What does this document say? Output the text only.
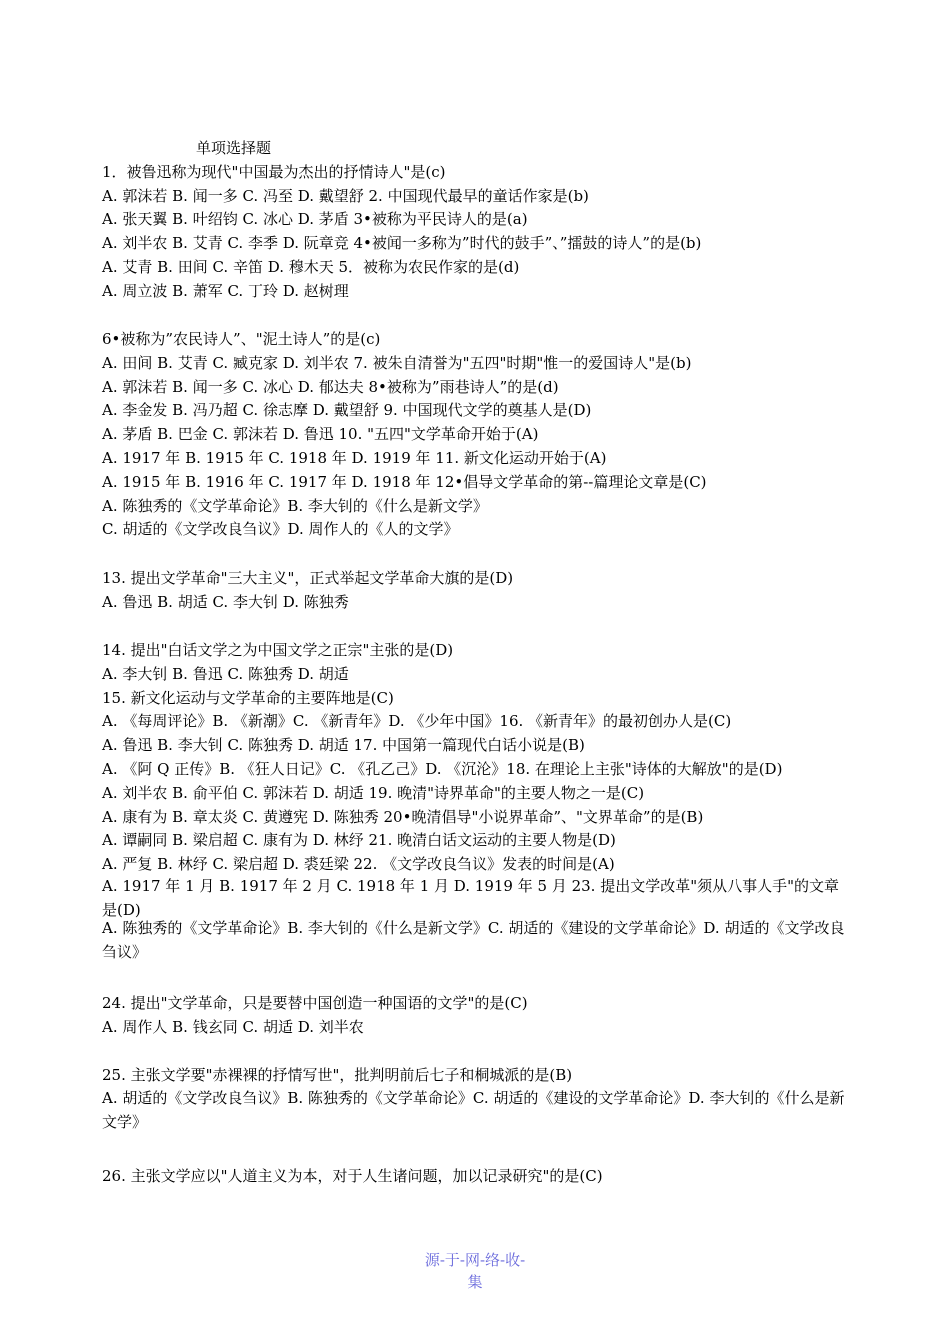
单项选择题
1．被鲁迅称为现代"中国最为杰出的抒情诗人"是(c)
A. 郭沫若 B. 闻一多 C. 冯至 D. 戴望舒 2. 中国现代最早的童话作家是(b)
A. 张天翼 B. 叶绍钧 C. 冰心 D. 茅盾 3•被称为平民诗人的是(a)
A. 刘半农 B. 艾青 C. 李季 D. 阮章竞 4•被闻一多称为”时代的鼓手”、”擂鼓的诗人”的是(b)
A. 艾青 B. 田间 C. 辛笛 D. 穆木天 5．被称为农民作家的是(d)
A. 周立波 B. 萧军 C. 丁玲 D. 赵树理
6•被称为”农民诗人”、"泥土诗人”的是(c)
A. 田间 B. 艾青 C. 臧克家 D. 刘半农 7. 被朱自清誉为"五四"时期"惟一的爱国诗人"是(b)
A. 郭沫若 B. 闻一多 C. 冰心 D. 郁达夫 8•被称为”雨巷诗人”的是(d)
A. 李金发 B. 冯乃超 C. 徐志摩 D. 戴望舒 9. 中国现代文学的奠基人是(D)
A. 茅盾 B. 巴金 C. 郭沫若 D. 鲁迅 10. "五四"文学革命开始于(A)
A. 1917 年 B. 1915 年 C. 1918 年 D. 1919 年 11. 新文化运动开始于(A)
A. 1915 年 B. 1916 年 C. 1917 年 D. 1918 年 12•倡导文学革命的第--篇理论文章是(C)
A. 陈独秀的《文学革命论》B. 李大钊的《什么是新文学》
C. 胡适的《文学改良刍议》D. 周作人的《人的文学》
13. 提出文学革命"三大主义"，正式举起文学革命大旗的是(D)
A. 鲁迅 B. 胡适 C. 李大钊 D. 陈独秀
14. 提出"白话文学之为中国文学之正宗"主张的是(D)
A. 李大钊 B. 鲁迅 C. 陈独秀 D. 胡适
15. 新文化运动与文学革命的主要阵地是(C)
A. 《每周评论》B. 《新潮》C. 《新青年》D. 《少年中国》16. 《新青年》的最初创办人是(C)
A. 鲁迅 B. 李大钊 C. 陈独秀 D. 胡适 17. 中国第一篇现代白话小说是(B)
A. 《阿 Q 正传》B. 《狂人日记》C. 《孔乙己》D. 《沉沦》18. 在理论上主张"诗体的大解放"的是(D)
A. 刘半农 B. 俞平伯 C. 郭沫若 D. 胡适 19. 晚清"诗界革命"的主要人物之一是(C)
A. 康有为 B. 章太炎 C. 黄遵宪 D. 陈独秀 20•晚清倡导"小说界革命”、"文界革命”的是(B)
A. 谭嗣同 B. 梁启超 C. 康有为 D. 林纾 21. 晚清白话文运动的主要人物是(D)
A. 严复 B. 林纾 C. 梁启超 D. 裘廷梁 22. 《文学改良刍议》发表的时间是(A)
A. 1917 年 1 月 B. 1917 年 2 月 C. 1918 年 1 月 D. 1919 年 5 月 23. 提出文学改革"须从八事人手"的文章是(D)
A. 陈独秀的《文学革命论》B. 李大钊的《什么是新文学》C. 胡适的《建设的文学革命论》D. 胡适的《文学改良刍议》
24. 提出"文学革命，只是要替中国创造一种国语的文学"的是(C)
A. 周作人 B. 钱玄同 C. 胡适 D. 刘半农
25. 主张文学要"赤裸裸的抒情写世"，批判明前后七子和桐城派的是(B)
A. 胡适的《文学改良刍议》B. 陈独秀的《文学革命论》C. 胡适的《建设的文学革命论》D. 李大钊的《什么是新文学》
26. 主张文学应以"人道主义为本，对于人生诸问题，加以记录研究"的是(C)
源-于-网-络-收-
集
